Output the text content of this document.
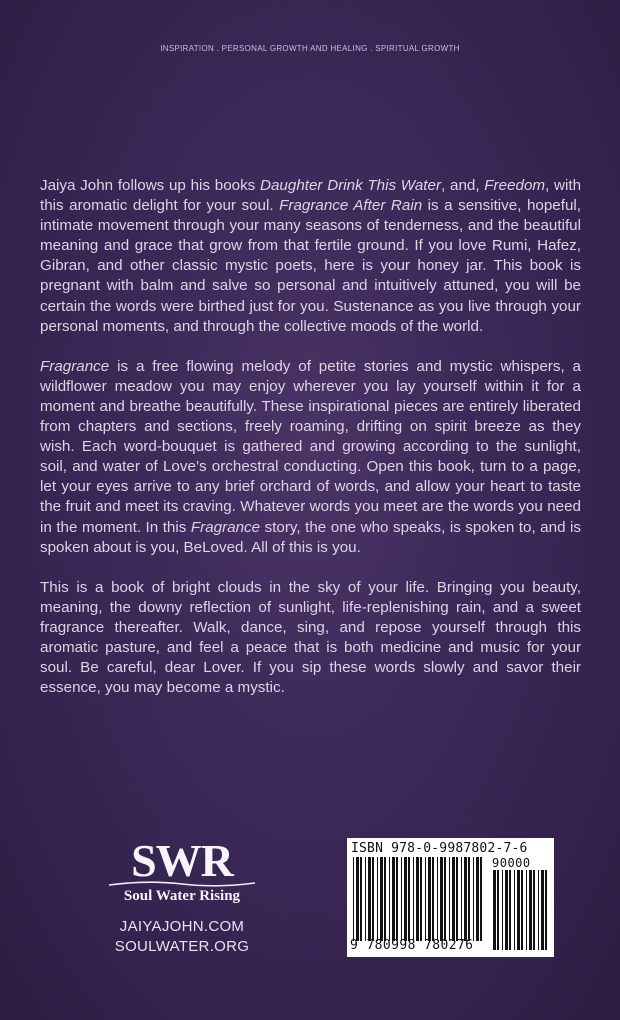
INSPIRATION . PERSONAL GROWTH AND HEALING . SPIRITUAL GROWTH

Jaiya John follows up his books Daughter Drink This Water, and, Freedom, with this aromatic delight for your soul. Fragrance After Rain is a sensitive, hopeful, intimate movement through your many seasons of tenderness, and the beautiful meaning and grace that grow from that fertile ground. If you love Rumi, Hafez, Gibran, and other classic mystic poets, here is your honey jar. This book is pregnant with balm and salve so personal and intuitively attuned, you will be certain the words were birthed just for you. Sustenance as you live through your personal moments, and through the collective moods of the world.

Fragrance is a free flowing melody of petite stories and mystic whispers, a wildflower meadow you may enjoy wherever you lay yourself within it for a moment and breathe beautifully. These inspirational pieces are entirely liberated from chapters and sections, freely roaming, drifting on spirit breeze as they wish. Each word-bouquet is gathered and growing according to the sunlight, soil, and water of Love’s orchestral conducting. Open this book, turn to a page, let your eyes arrive to any brief orchard of words, and allow your heart to taste the fruit and meet its craving. Whatever words you meet are the words you need in the moment. In this Fragrance story, the one who speaks, is spoken to, and is spoken about is you, BeLoved. All of this is you.

This is a book of bright clouds in the sky of your life. Bringing you beauty, meaning, the downy reflection of sunlight, life-replenishing rain, and a sweet fragrance thereafter. Walk, dance, sing, and repose yourself through this aromatic pasture, and feel a peace that is both medicine and music for your soul. Be careful, dear Lover. If you sip these words slowly and savor their essence, you may become a mystic.

SWR
Soul Water Rising
JAIYAJOHN.COM
SOULWATER.ORG
ISBN 978-0-9987802-7-6
90000
9 780998 780276
